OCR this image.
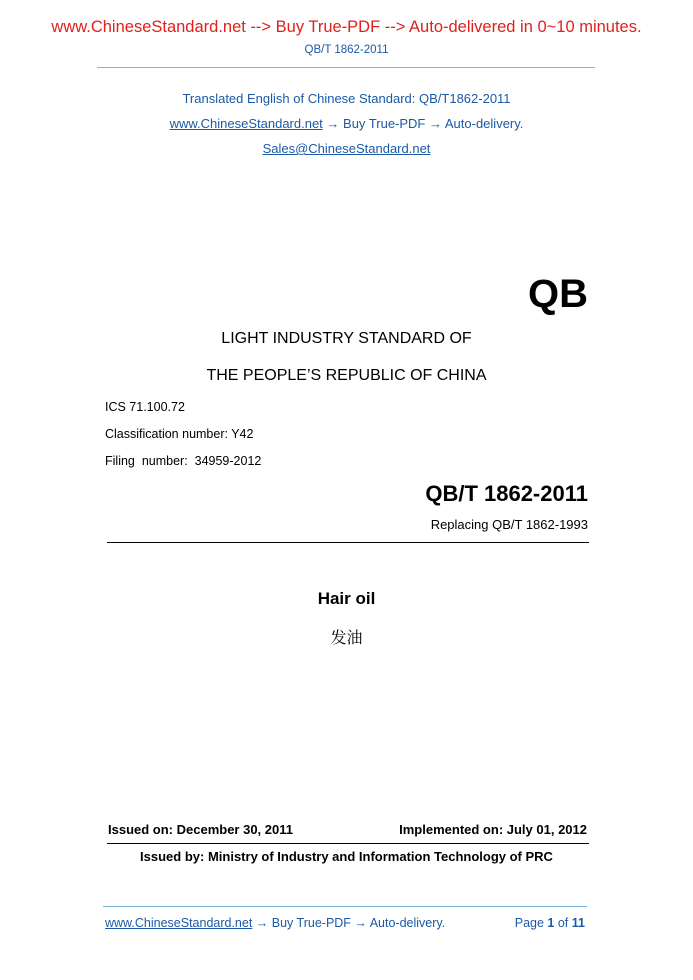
www.ChineseStandard.net --> Buy True-PDF --> Auto-delivered in 0~10 minutes.
QB/T 1862-2011
Translated English of Chinese Standard: QB/T1862-2011
www.ChineseStandard.net → Buy True-PDF → Auto-delivery.
Sales@ChineseStandard.net
QB
LIGHT INDUSTRY STANDARD OF
THE PEOPLE’S REPUBLIC OF CHINA
ICS 71.100.72
Classification number: Y42
Filing  number:  34959-2012
QB/T 1862-2011
Replacing QB/T 1862-1993
Hair oil
发油
Issued on: December 30, 2011	Implemented on: July 01, 2012
Issued by: Ministry of Industry and Information Technology of PRC
www.ChineseStandard.net → Buy True-PDF → Auto-delivery.	Page 1 of 11
